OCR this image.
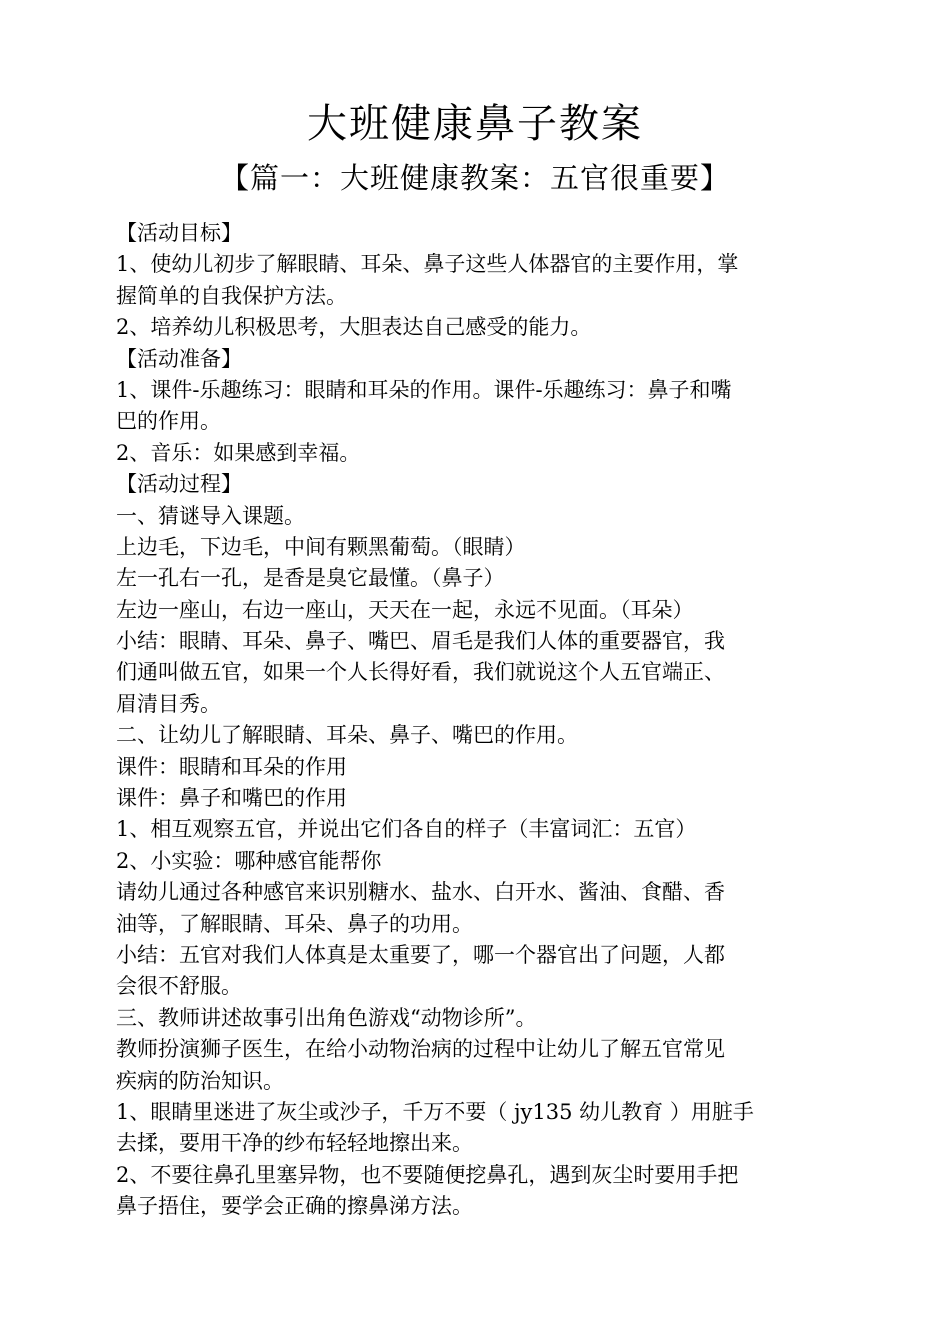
大班健康鼻子教案
【篇一：大班健康教案：五官很重要】
【活动目标】
1、使幼儿初步了解眼睛、耳朵、鼻子这些人体器官的主要作用，掌
握简单的自我保护方法。
2、培养幼儿积极思考，大胆表达自己感受的能力。
【活动准备】
1、课件-乐趣练习：眼睛和耳朵的作用。课件-乐趣练习：鼻子和嘴
巴的作用。
2、音乐：如果感到幸福。
【活动过程】
一、猜谜导入课题。
上边毛，下边毛，中间有颗黑葡萄。（眼睛）
左一孔右一孔，是香是臭它最懂。（鼻子）
左边一座山，右边一座山，天天在一起，永远不见面。（耳朵）
小结：眼睛、耳朵、鼻子、嘴巴、眉毛是我们人体的重要器官，我
们通叫做五官，如果一个人长得好看，我们就说这个人五官端正、
眉清目秀。
二、让幼儿了解眼睛、耳朵、鼻子、嘴巴的作用。
课件：眼睛和耳朵的作用
课件：鼻子和嘴巴的作用
1、相互观察五官，并说出它们各自的样子（丰富词汇：五官）
2、小实验：哪种感官能帮你
请幼儿通过各种感官来识别糖水、盐水、白开水、酱油、食醋、香
油等，了解眼睛、耳朵、鼻子的功用。
小结：五官对我们人体真是太重要了，哪一个器官出了问题，人都
会很不舒服。
三、教师讲述故事引出角色游戏“动物诊所”。
教师扮演狮子医生，在给小动物治病的过程中让幼儿了解五官常见
疾病的防治知识。
1、眼睛里迷进了灰尘或沙子，千万不要（ jy135 幼儿教育 ）用脏手
去揉，要用干净的纱布轻轻地擦出来。
2、不要往鼻孔里塞异物，也不要随便挖鼻孔，遇到灰尘时要用手把
鼻子捂住，要学会正确的擦鼻涕方法。
